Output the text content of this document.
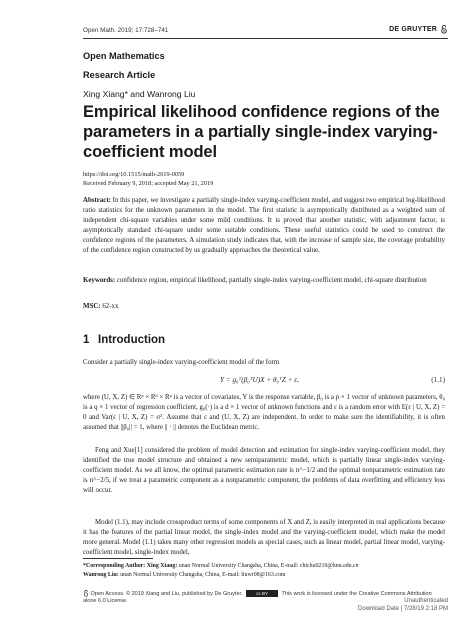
Open Math. 2019; 17:728–741	DE GRUYTER
Open Mathematics
Research Article
Xing Xiang* and Wanrong Liu
Empirical likelihood confidence regions of the parameters in a partially single-index varying-coefficient model
https://doi.org/10.1515/math-2019-0059
Received February 9, 2018; accepted May 21, 2019
Abstract: In this paper, we investigate a partially single-index varying-coefficient model, and suggest two empirical log-likelihood ratio statistics for the unknown parameters in the model. The first statistic is asymptotically distributed as a weighted sum of independent chi-square variables under some mild conditions. It is proved that another statistic, with adjustment factor, is asymptotically standard chi-square under some suitable conditions. These useful statistics could be used to construct the confidence regions of the parameters. A simulation study indicates that, with the increase of sample size, the coverage probability of the confidence region constructed by us gradually approaches the theoretical value.
Keywords: confidence region, empirical likelihood, partially single-index varying-coefficient model, chi-square distribution
MSC: 62-xx
1 Introduction
Consider a partially single-index varying-coefficient model of the form
Y = g₀ᵀ(β₀ᵀU)X + θ₀ᵀZ + ε,	(1.1)
where (U, X, Z) ∈ Rᵖ × Rᵈ × Rᵠ is a vector of covariates, Y is the response variable, β₀ is a p × 1 vector of unknown parameters, θ₀ is a q × 1 vector of regression coefficient, g₀(·) is a d × 1 vector of unknown functions and ε is a random error with E(ε | U, X, Z) = 0 and Var(ε | U, X, Z) = σ². Assume that ε and (U, X, Z) are independent. In order to make sure the identifiability, it is often assumed that ||β₀|| = 1, where || · || denotes the Euclidean metric.
Feng and Xue[1] considered the problem of model detection and estimation for single-index varying-coefficient model, they identified the true model structure and obtained a new semiparametric model, which is partially linear single-index varying-coefficient model. As we all know, the optimal parametric estimation rate is n^−1/2 and the optimal nonparametric estimation rate is n^−2/5, if we treat a parametric component as a nonparametric component, the problems of data overfitting and efficiency loss will occur.
Model (1.1), may include crossproduct terms of some components of X and Z, is easily interpreted in real applications because it has the features of the partial linear model, the single-index model and the varying-coefficient model, which make the model more general. Model (1.1) takes many other regression models as special cases, such as linear model, partial linear model, varying-coefficient model, single-index model,
*Corresponding Author: Xing Xiang: unan Normal University Changsha, China, E-mail: chichu0219@hnu.edu.cn
Wanrong Liu: unan Normal University Changsha, China, E-mail: liuwr08@163.com
Open Access. © 2019 Xiang and Liu, published by De Gruyter.	cc BY This work is licensed under the Creative Commons Attribution alone 6.0 License.	Unauthenticated
Download Date | 7/28/19 2:18 PM
